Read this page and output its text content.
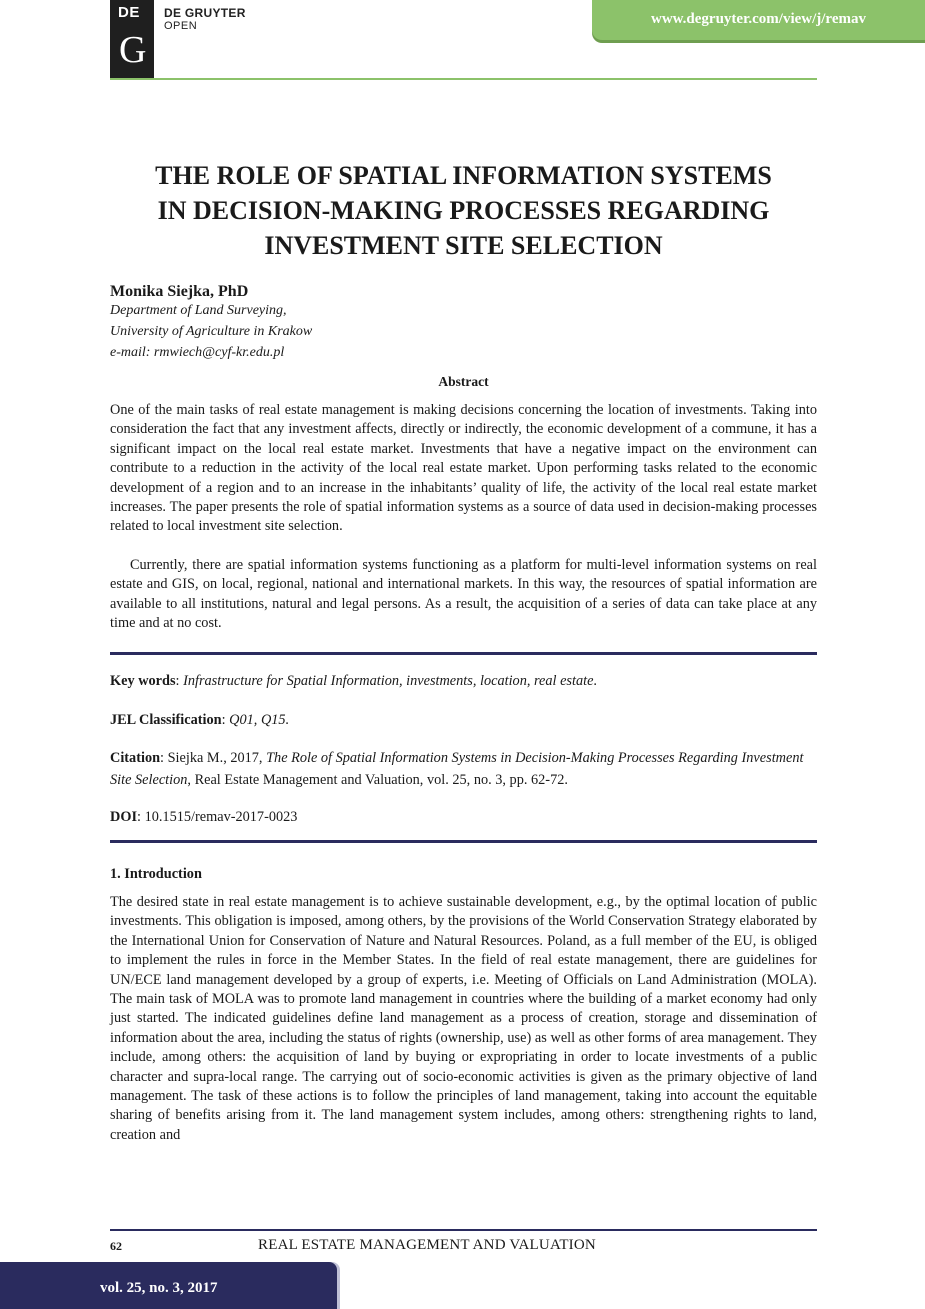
DE
G
DE GRUYTER
OPEN	www.degruyter.com/view/j/remav
THE ROLE OF SPATIAL INFORMATION SYSTEMS
IN DECISION-MAKING PROCESSES REGARDING
INVESTMENT SITE SELECTION
Monika Siejka, PhD
Department of Land Surveying,
University of Agriculture in Krakow
e-mail: rmwiech@cyf-kr.edu.pl
Abstract

One of the main tasks of real estate management is making decisions concerning the location of investments. Taking into consideration the fact that any investment affects, directly or indirectly, the economic development of a commune, it has a significant impact on the local real estate market. Investments that have a negative impact on the environment can contribute to a reduction in the activity of the local real estate market. Upon performing tasks related to the economic development of a region and to an increase in the inhabitants’ quality of life, the activity of the local real estate market increases. The paper presents the role of spatial information systems as a source of data used in decision-making processes related to local investment site selection.

Currently, there are spatial information systems functioning as a platform for multi-level information systems on real estate and GIS, on local, regional, national and international markets. In this way, the resources of spatial information are available to all institutions, natural and legal persons. As a result, the acquisition of a series of data can take place at any time and at no cost.

Key words: Infrastructure for Spatial Information, investments, location, real estate.
JEL Classification: Q01, Q15.
Citation: Siejka M., 2017, The Role of Spatial Information Systems in Decision-Making Processes Regarding Investment Site Selection, Real Estate Management and Valuation, vol. 25, no. 3, pp. 62-72.
DOI: 10.1515/remav-2017-0023
1. Introduction

The desired state in real estate management is to achieve sustainable development, e.g., by the optimal location of public investments. This obligation is imposed, among others, by the provisions of the World Conservation Strategy elaborated by the International Union for Conservation of Nature and Natural Resources. Poland, as a full member of the EU, is obliged to implement the rules in force in the Member States. In the field of real estate management, there are guidelines for UN/ECE land management developed by a group of experts, i.e. Meeting of Officials on Land Administration (MOLA). The main task of MOLA was to promote land management in countries where the building of a market economy had only just started. The indicated guidelines define land management as a process of creation, storage and dissemination of information about the area, including the status of rights (ownership, use) as well as other forms of area management. They include, among others: the acquisition of land by buying or expropriating in order to locate investments of a public character and supra-local range. The carrying out of socio-economic activities is given as the primary objective of land management. The task of these actions is to follow the principles of land management, taking into account the equitable sharing of benefits arising from it. The land management system includes, among others: strengthening rights to land, creation and

62	REAL ESTATE MANAGEMENT AND VALUATION
vol. 25, no. 3, 2017
